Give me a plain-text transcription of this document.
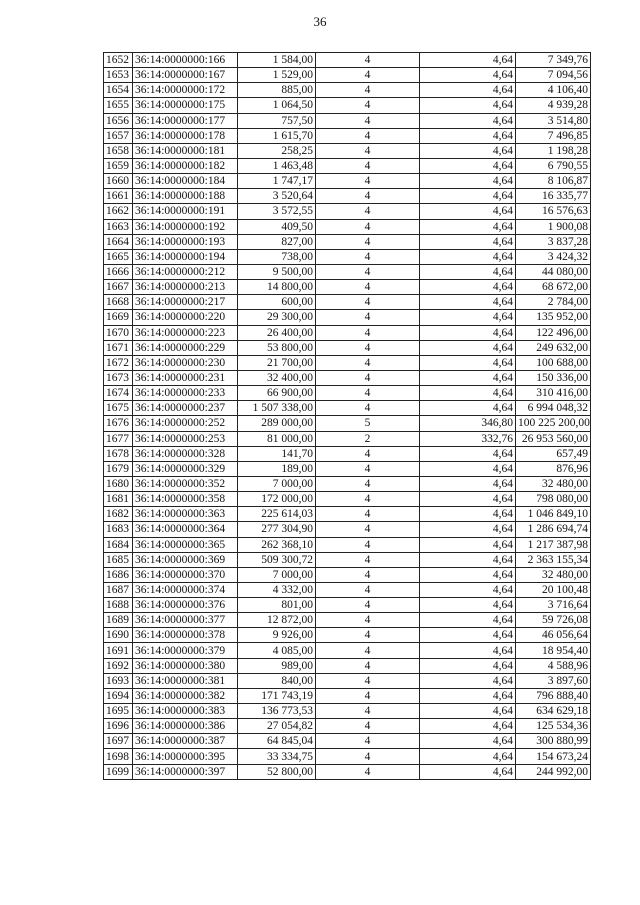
36
1652	36:14:0000000:166	1 584,00	4	4,64	7 349,76
1653	36:14:0000000:167	1 529,00	4	4,64	7 094,56
1654	36:14:0000000:172	885,00	4	4,64	4 106,40
1655	36:14:0000000:175	1 064,50	4	4,64	4 939,28
1656	36:14:0000000:177	757,50	4	4,64	3 514,80
1657	36:14:0000000:178	1 615,70	4	4,64	7 496,85
1658	36:14:0000000:181	258,25	4	4,64	1 198,28
1659	36:14:0000000:182	1 463,48	4	4,64	6 790,55
1660	36:14:0000000:184	1 747,17	4	4,64	8 106,87
1661	36:14:0000000:188	3 520,64	4	4,64	16 335,77
1662	36:14:0000000:191	3 572,55	4	4,64	16 576,63
1663	36:14:0000000:192	409,50	4	4,64	1 900,08
1664	36:14:0000000:193	827,00	4	4,64	3 837,28
1665	36:14:0000000:194	738,00	4	4,64	3 424,32
1666	36:14:0000000:212	9 500,00	4	4,64	44 080,00
1667	36:14:0000000:213	14 800,00	4	4,64	68 672,00
1668	36:14:0000000:217	600,00	4	4,64	2 784,00
1669	36:14:0000000:220	29 300,00	4	4,64	135 952,00
1670	36:14:0000000:223	26 400,00	4	4,64	122 496,00
1671	36:14:0000000:229	53 800,00	4	4,64	249 632,00
1672	36:14:0000000:230	21 700,00	4	4,64	100 688,00
1673	36:14:0000000:231	32 400,00	4	4,64	150 336,00
1674	36:14:0000000:233	66 900,00	4	4,64	310 416,00
1675	36:14:0000000:237	1 507 338,00	4	4,64	6 994 048,32
1676	36:14:0000000:252	289 000,00	5	346,80	100 225 200,00
1677	36:14:0000000:253	81 000,00	2	332,76	26 953 560,00
1678	36:14:0000000:328	141,70	4	4,64	657,49
1679	36:14:0000000:329	189,00	4	4,64	876,96
1680	36:14:0000000:352	7 000,00	4	4,64	32 480,00
1681	36:14:0000000:358	172 000,00	4	4,64	798 080,00
1682	36:14:0000000:363	225 614,03	4	4,64	1 046 849,10
1683	36:14:0000000:364	277 304,90	4	4,64	1 286 694,74
1684	36:14:0000000:365	262 368,10	4	4,64	1 217 387,98
1685	36:14:0000000:369	509 300,72	4	4,64	2 363 155,34
1686	36:14:0000000:370	7 000,00	4	4,64	32 480,00
1687	36:14:0000000:374	4 332,00	4	4,64	20 100,48
1688	36:14:0000000:376	801,00	4	4,64	3 716,64
1689	36:14:0000000:377	12 872,00	4	4,64	59 726,08
1690	36:14:0000000:378	9 926,00	4	4,64	46 056,64
1691	36:14:0000000:379	4 085,00	4	4,64	18 954,40
1692	36:14:0000000:380	989,00	4	4,64	4 588,96
1693	36:14:0000000:381	840,00	4	4,64	3 897,60
1694	36:14:0000000:382	171 743,19	4	4,64	796 888,40
1695	36:14:0000000:383	136 773,53	4	4,64	634 629,18
1696	36:14:0000000:386	27 054,82	4	4,64	125 534,36
1697	36:14:0000000:387	64 845,04	4	4,64	300 880,99
1698	36:14:0000000:395	33 334,75	4	4,64	154 673,24
1699	36:14:0000000:397	52 800,00	4	4,64	244 992,00
